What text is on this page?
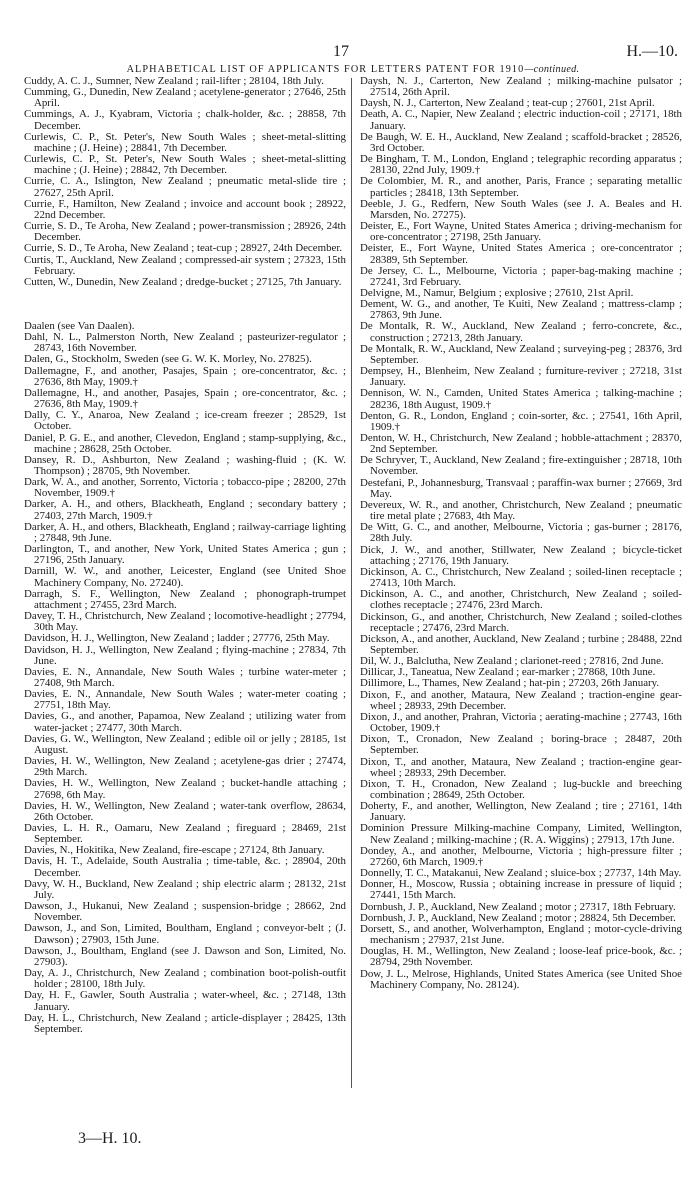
17	H.—10.
ALPHABETICAL LIST OF APPLICANTS FOR LETTERS PATENT FOR 1910—continued.
Cuddy, A. C. J., Sumner, New Zealand ; rail-lifter ; 28104, 18th July.
Cumming, G., Dunedin, New Zealand ; acetylene-generator ; 27646, 25th April.
Cummings, A. J., Kyabram, Victoria ; chalk-holder, &c. ; 28858, 7th December.
Curlewis, C. P., St. Peter's, New South Wales ; sheet-metal-slitting machine ; (J. Heine) ; 28841, 7th December.
Curlewis, C. P., St. Peter's, New South Wales ; sheet-metal-slitting machine ; (J. Heine) ; 28842, 7th December.
Currie, C. A., Islington, New Zealand ; pneumatic metal-slide tire ; 27627, 25th April.
Currie, F., Hamilton, New Zealand ; invoice and account book ; 28922, 22nd December.
Currie, S. D., Te Aroha, New Zealand ; power-transmission ; 28926, 24th December.
Currie, S. D., Te Aroha, New Zealand ; teat-cup ; 28927, 24th December.
Curtis, T., Auckland, New Zealand ; compressed-air system ; 27323, 15th February.
Cutten, W., Dunedin, New Zealand ; dredge-bucket ; 27125, 7th January.
Daalen (see Van Daalen).
Dahl, N. L., Palmerston North, New Zealand ; pasteurizer-regulator ; 28743, 16th November.
Dalen, G., Stockholm, Sweden (see G. W. K. Morley, No. 27825).
Dallemagne, F., and another, Pasajes, Spain ; ore-concentrator, &c. ; 27636, 8th May, 1909.†
Dallemagne, H., and another, Pasajes, Spain ; ore-concentrator, &c. ; 27636, 8th May, 1909.†
Dally, C. Y., Anaroa, New Zealand ; ice-cream freezer ; 28529, 1st October.
Daniel, P. G. E., and another, Clevedon, England ; stamp-supplying, &c., machine ; 28628, 25th October.
Dansey, R. D., Ashburton, New Zealand ; washing-fluid ; (K. W. Thompson) ; 28705, 9th November.
Dark, W. A., and another, Sorrento, Victoria ; tobacco-pipe ; 28200, 27th November, 1909.†
Darker, A. H., and others, Blackheath, England ; secondary battery ; 27403, 27th March, 1909.†
Darker, A. H., and others, Blackheath, England ; railway-carriage lighting ; 27848, 9th June.
Darlington, T., and another, New York, United States America ; gun ; 27196, 25th January.
Darnill, W. W., and another, Leicester, England (see United Shoe Machinery Company, No. 27240).
Darragh, S. F., Wellington, New Zealand ; phonograph-trumpet attachment ; 27455, 23rd March.
Davey, T. H., Christchurch, New Zealand ; locomotive-headlight ; 27794, 30th May.
Davidson, H. J., Wellington, New Zealand ; ladder ; 27776, 25th May.
Davidson, H. J., Wellington, New Zealand ; flying-machine ; 27834, 7th June.
Davies, E. N., Annandale, New South Wales ; turbine water-meter ; 27408, 9th March.
Davies, E. N., Annandale, New South Wales ; water-meter coating ; 27751, 18th May.
Davies, G., and another, Papamoa, New Zealand ; utilizing water from water-jacket ; 27477, 30th March.
Davies, G. W., Wellington, New Zealand ; edible oil or jelly ; 28185, 1st August.
Davies, H. W., Wellington, New Zealand ; acetylene-gas drier ; 27474, 29th March.
Davies, H. W., Wellington, New Zealand ; bucket-handle attaching ; 27698, 6th May.
Davies, H. W., Wellington, New Zealand ; water-tank overflow, 28634, 26th October.
Davies, L. H. R., Oamaru, New Zealand ; fireguard ; 28469, 21st September.
Davies, N., Hokitika, New Zealand, fire-escape ; 27124, 8th January.
Davis, H. T., Adelaide, South Australia ; time-table, &c. ; 28904, 20th December.
Davy, W. H., Buckland, New Zealand ; ship electric alarm ; 28132, 21st July.
Dawson, J., Hukanui, New Zealand ; suspension-bridge ; 28662, 2nd November.
Dawson, J., and Son, Limited, Boultham, England ; conveyor-belt ; (J. Dawson) ; 27903, 15th June.
Dawson, J., Boultham, England (see J. Dawson and Son, Limited, No. 27903).
Day, A. J., Christchurch, New Zealand ; combination boot-polish-outfit holder ; 28100, 18th July.
Day, H. F., Gawler, South Australia ; water-wheel, &c. ; 27148, 13th January.
Day, H. L., Christchurch, New Zealand ; article-displayer ; 28425, 13th September.
Daysh, N. J., Carterton, New Zealand ; milking-machine pulsator ; 27514, 26th April.
Daysh, N. J., Carterton, New Zealand ; teat-cup ; 27601, 21st April.
Death, A. C., Napier, New Zealand ; electric induction-coil ; 27171, 18th January.
De Baugh, W. E. H., Auckland, New Zealand ; scaffold-bracket ; 28526, 3rd October.
De Bingham, T. M., London, England ; telegraphic recording apparatus ; 28130, 22nd July, 1909.†
De Colombier, M. R., and another, Paris, France ; separating metallic particles ; 28418, 13th September.
Deeble, J. G., Redfern, New South Wales (see J. A. Beales and H. Marsden, No. 27275).
Deister, E., Fort Wayne, United States America ; driving-mechanism for ore-concentrator ; 27198, 25th January.
Deister, E., Fort Wayne, United States America ; ore-concentrator ; 28389, 5th September.
De Jersey, C. L., Melbourne, Victoria ; paper-bag-making machine ; 27241, 3rd February.
Delvigne, M., Namur, Belgium ; explosive ; 27610, 21st April.
Dement, W. G., and another, Te Kuiti, New Zealand ; mattress-clamp ; 27863, 9th June.
De Montalk, R. W., Auckland, New Zealand ; ferro-concrete, &c., construction ; 27213, 28th January.
De Montalk, R. W., Auckland, New Zealand ; surveying-peg ; 28376, 3rd September.
Dempsey, H., Blenheim, New Zealand ; furniture-reviver ; 27218, 31st January.
Dennison, W. N., Camden, United States America ; talking-machine ; 28236, 18th August, 1909.†
Denton, G. R., London, England ; coin-sorter, &c. ; 27541, 16th April, 1909.†
Denton, W. H., Christchurch, New Zealand ; hobble-attachment ; 28370, 2nd September.
De Schryver, T., Auckland, New Zealand ; fire-extinguisher ; 28718, 10th November.
Destefani, P., Johannesburg, Transvaal ; paraffin-wax burner ; 27669, 3rd May.
Devereux, W. R., and another, Christchurch, New Zealand ; pneumatic tire metal plate ; 27683, 4th May.
De Witt, G. C., and another, Melbourne, Victoria ; gas-burner ; 28176, 28th July.
Dick, J. W., and another, Stillwater, New Zealand ; bicycle-ticket attaching ; 27176, 19th January.
Dickinson, A. C., Christchurch, New Zealand ; soiled-linen receptacle ; 27413, 10th March.
Dickinson, A. C., and another, Christchurch, New Zealand ; soiled-clothes receptacle ; 27476, 23rd March.
Dickinson, G., and another, Christchurch, New Zealand ; soiled-clothes receptacle ; 27476, 23rd March.
Dickson, A., and another, Auckland, New Zealand ; turbine ; 28488, 22nd September.
Dil, W. J., Balclutha, New Zealand ; clarionet-reed ; 27816, 2nd June.
Dillicar, J., Taneatua, New Zealand ; ear-marker ; 27868, 10th June.
Dillimore, L., Thames, New Zealand ; hat-pin ; 27203, 26th January.
Dixon, F., and another, Mataura, New Zealand ; traction-engine gear-wheel ; 28933, 29th December.
Dixon, J., and another, Prahran, Victoria ; aerating-machine ; 27743, 16th October, 1909.†
Dixon, T., Cronadon, New Zealand ; boring-brace ; 28487, 20th September.
Dixon, T., and another, Mataura, New Zealand ; traction-engine gear-wheel ; 28933, 29th December.
Dixon, T. H., Cronadon, New Zealand ; lug-buckle and breeching combination ; 28649, 25th October.
Doherty, F., and another, Wellington, New Zealand ; tire ; 27161, 14th January.
Dominion Pressure Milking-machine Company, Limited, Wellington, New Zealand ; milking-machine ; (R. A. Wiggins) ; 27913, 17th June.
Dondey, A., and another, Melbourne, Victoria ; high-pressure filter ; 27260, 6th March, 1909.†
Donnelly, T. C., Matakanui, New Zealand ; sluice-box ; 27737, 14th May.
Donner, H., Moscow, Russia ; obtaining increase in pressure of liquid ; 27441, 15th March.
Dornbush, J. P., Auckland, New Zealand ; motor ; 27317, 18th February.
Dornbush, J. P., Auckland, New Zealand ; motor ; 28824, 5th December.
Dorsett, S., and another, Wolverhampton, England ; motor-cycle-driving mechanism ; 27937, 21st June.
Douglas, H. M., Wellington, New Zealand ; loose-leaf price-book, &c. ; 28794, 29th November.
Dow, J. L., Melrose, Highlands, United States America (see United Shoe Machinery Company, No. 28124).
3—H. 10.
